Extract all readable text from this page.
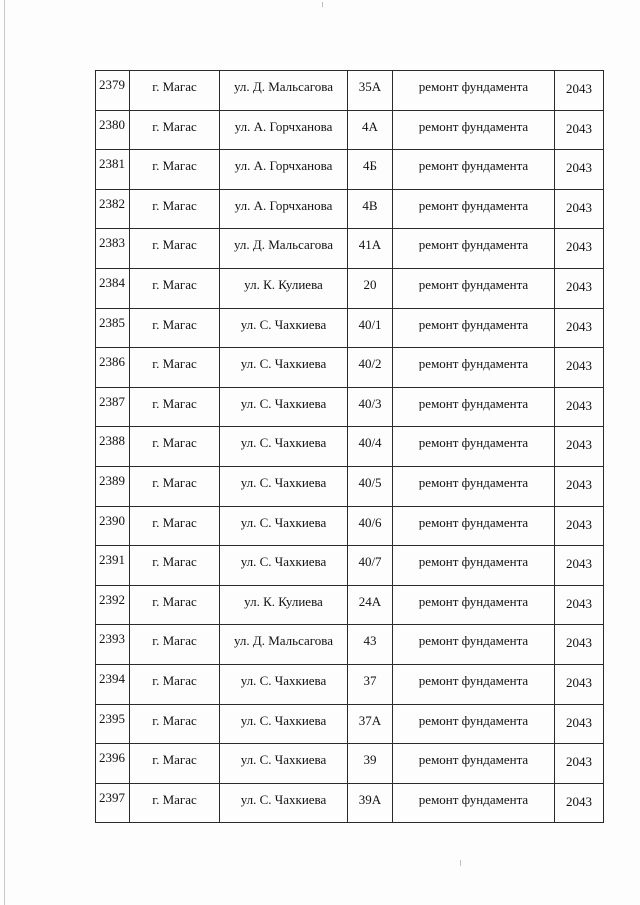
2379	г. Магас	ул. Д. Мальсагова	35А	ремонт фундамента	2043
2380	г. Магас	ул. А. Горчханова	4А	ремонт фундамента	2043
2381	г. Магас	ул. А. Горчханова	4Б	ремонт фундамента	2043
2382	г. Магас	ул. А. Горчханова	4В	ремонт фундамента	2043
2383	г. Магас	ул. Д. Мальсагова	41А	ремонт фундамента	2043
2384	г. Магас	ул. К. Кулиева	20	ремонт фундамента	2043
2385	г. Магас	ул. С. Чахкиева	40/1	ремонт фундамента	2043
2386	г. Магас	ул. С. Чахкиева	40/2	ремонт фундамента	2043
2387	г. Магас	ул. С. Чахкиева	40/3	ремонт фундамента	2043
2388	г. Магас	ул. С. Чахкиева	40/4	ремонт фундамента	2043
2389	г. Магас	ул. С. Чахкиева	40/5	ремонт фундамента	2043
2390	г. Магас	ул. С. Чахкиева	40/6	ремонт фундамента	2043
2391	г. Магас	ул. С. Чахкиева	40/7	ремонт фундамента	2043
2392	г. Магас	ул. К. Кулиева	24А	ремонт фундамента	2043
2393	г. Магас	ул. Д. Мальсагова	43	ремонт фундамента	2043
2394	г. Магас	ул. С. Чахкиева	37	ремонт фундамента	2043
2395	г. Магас	ул. С. Чахкиева	37А	ремонт фундамента	2043
2396	г. Магас	ул. С. Чахкиева	39	ремонт фундамента	2043
2397	г. Магас	ул. С. Чахкиева	39А	ремонт фундамента	2043
